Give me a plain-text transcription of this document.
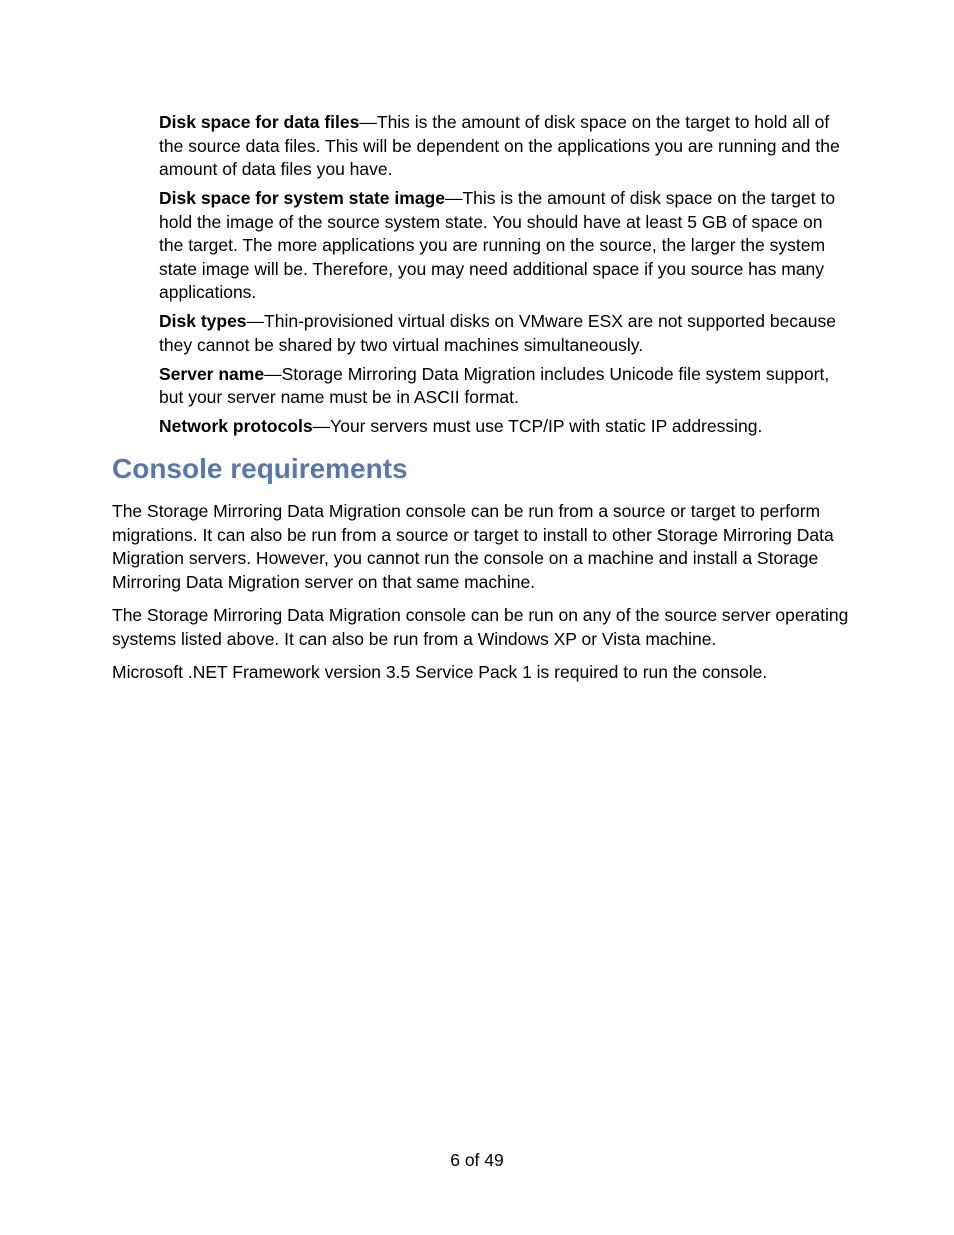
Disk space for data files—This is the amount of disk space on the target to hold all of the source data files. This will be dependent on the applications you are running and the amount of data files you have.

Disk space for system state image—This is the amount of disk space on the target to hold the image of the source system state. You should have at least 5 GB of space on the target. The more applications you are running on the source, the larger the system state image will be. Therefore, you may need additional space if you source has many applications.

Disk types—Thin-provisioned virtual disks on VMware ESX are not supported because they cannot be shared by two virtual machines simultaneously.

Server name—Storage Mirroring Data Migration includes Unicode file system support, but your server name must be in ASCII format.

Network protocols—Your servers must use TCP/IP with static IP addressing.

Console requirements

The Storage Mirroring Data Migration console can be run from a source or target to perform migrations. It can also be run from a source or target to install to other Storage Mirroring Data Migration servers. However, you cannot run the console on a machine and install a Storage Mirroring Data Migration server on that same machine.

The Storage Mirroring Data Migration console can be run on any of the source server operating systems listed above. It can also be run from a Windows XP or Vista machine.

Microsoft .NET Framework version 3.5 Service Pack 1 is required to run the console.

6 of 49
